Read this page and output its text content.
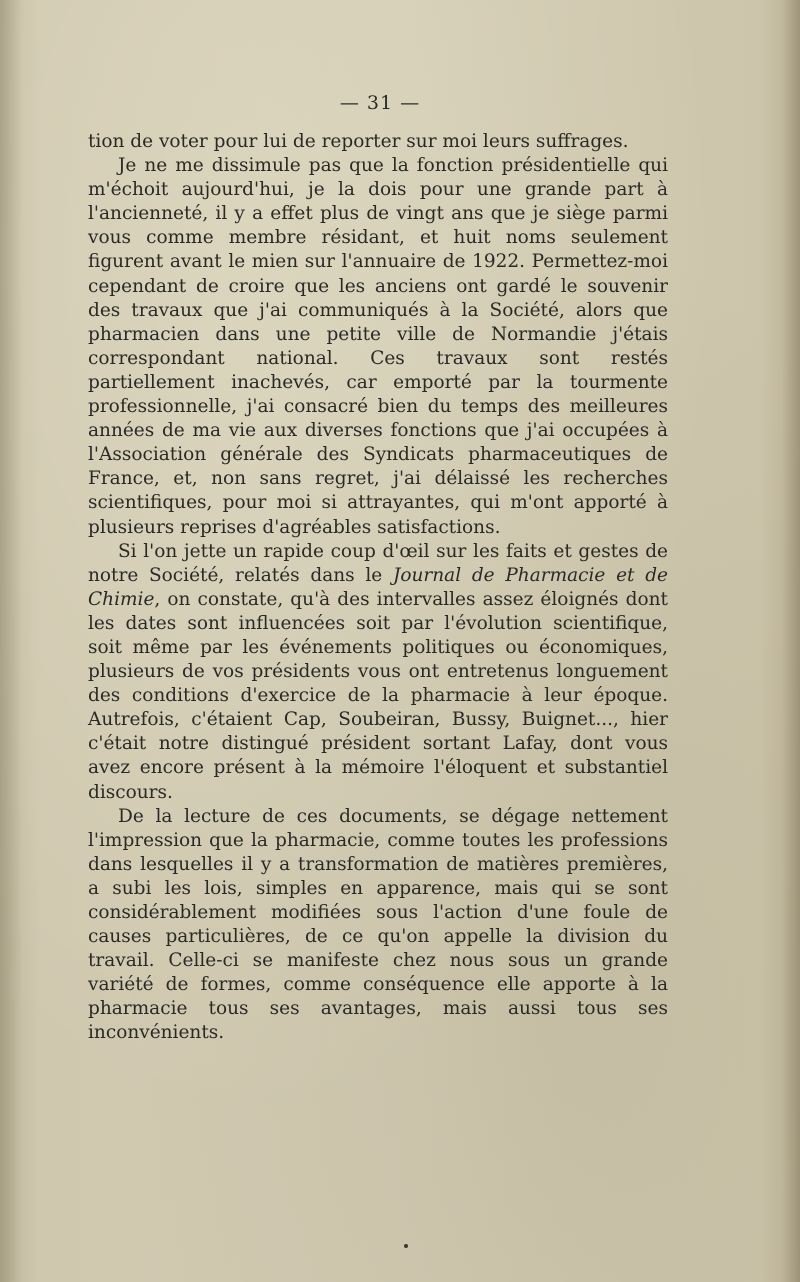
— 31 —

tion de voter pour lui de reporter sur moi leurs suffrages.

Je ne me dissimule pas que la fonction présidentielle qui m'échoit aujourd'hui, je la dois pour une grande part à l'ancienneté, il y a effet plus de vingt ans que je siège parmi vous comme membre résidant, et huit noms seulement figurent avant le mien sur l'annuaire de 1922. Permettez-moi cependant de croire que les anciens ont gardé le souvenir des travaux que j'ai communiqués à la Société, alors que pharmacien dans une petite ville de Normandie j'étais correspondant national. Ces travaux sont restés partiellement inachevés, car emporté par la tourmente professionnelle, j'ai consacré bien du temps des meilleures années de ma vie aux diverses fonctions que j'ai occupées à l'Association générale des Syndicats pharmaceutiques de France, et, non sans regret, j'ai délaissé les recherches scientifiques, pour moi si attrayantes, qui m'ont apporté à plusieurs reprises d'agréables satisfactions.

Si l'on jette un rapide coup d'œil sur les faits et gestes de notre Société, relatés dans le Journal de Pharmacie et de Chimie, on constate, qu'à des intervalles assez éloignés dont les dates sont influencées soit par l'évolution scientifique, soit même par les événements politiques ou économiques, plusieurs de vos présidents vous ont entretenus longuement des conditions d'exercice de la pharmacie à leur époque. Autrefois, c'étaient Cap, Soubeiran, Bussy, Buignet..., hier c'était notre distingué président sortant Lafay, dont vous avez encore présent à la mémoire l'éloquent et substantiel discours.

De la lecture de ces documents, se dégage nettement l'impression que la pharmacie, comme toutes les professions dans lesquelles il y a transformation de matières premières, a subi les lois, simples en apparence, mais qui se sont considérablement modifiées sous l'action d'une foule de causes particulières, de ce qu'on appelle la division du travail. Celle-ci se manifeste chez nous sous un grande variété de formes, comme conséquence elle apporte à la pharmacie tous ses avantages, mais aussi tous ses inconvénients.
